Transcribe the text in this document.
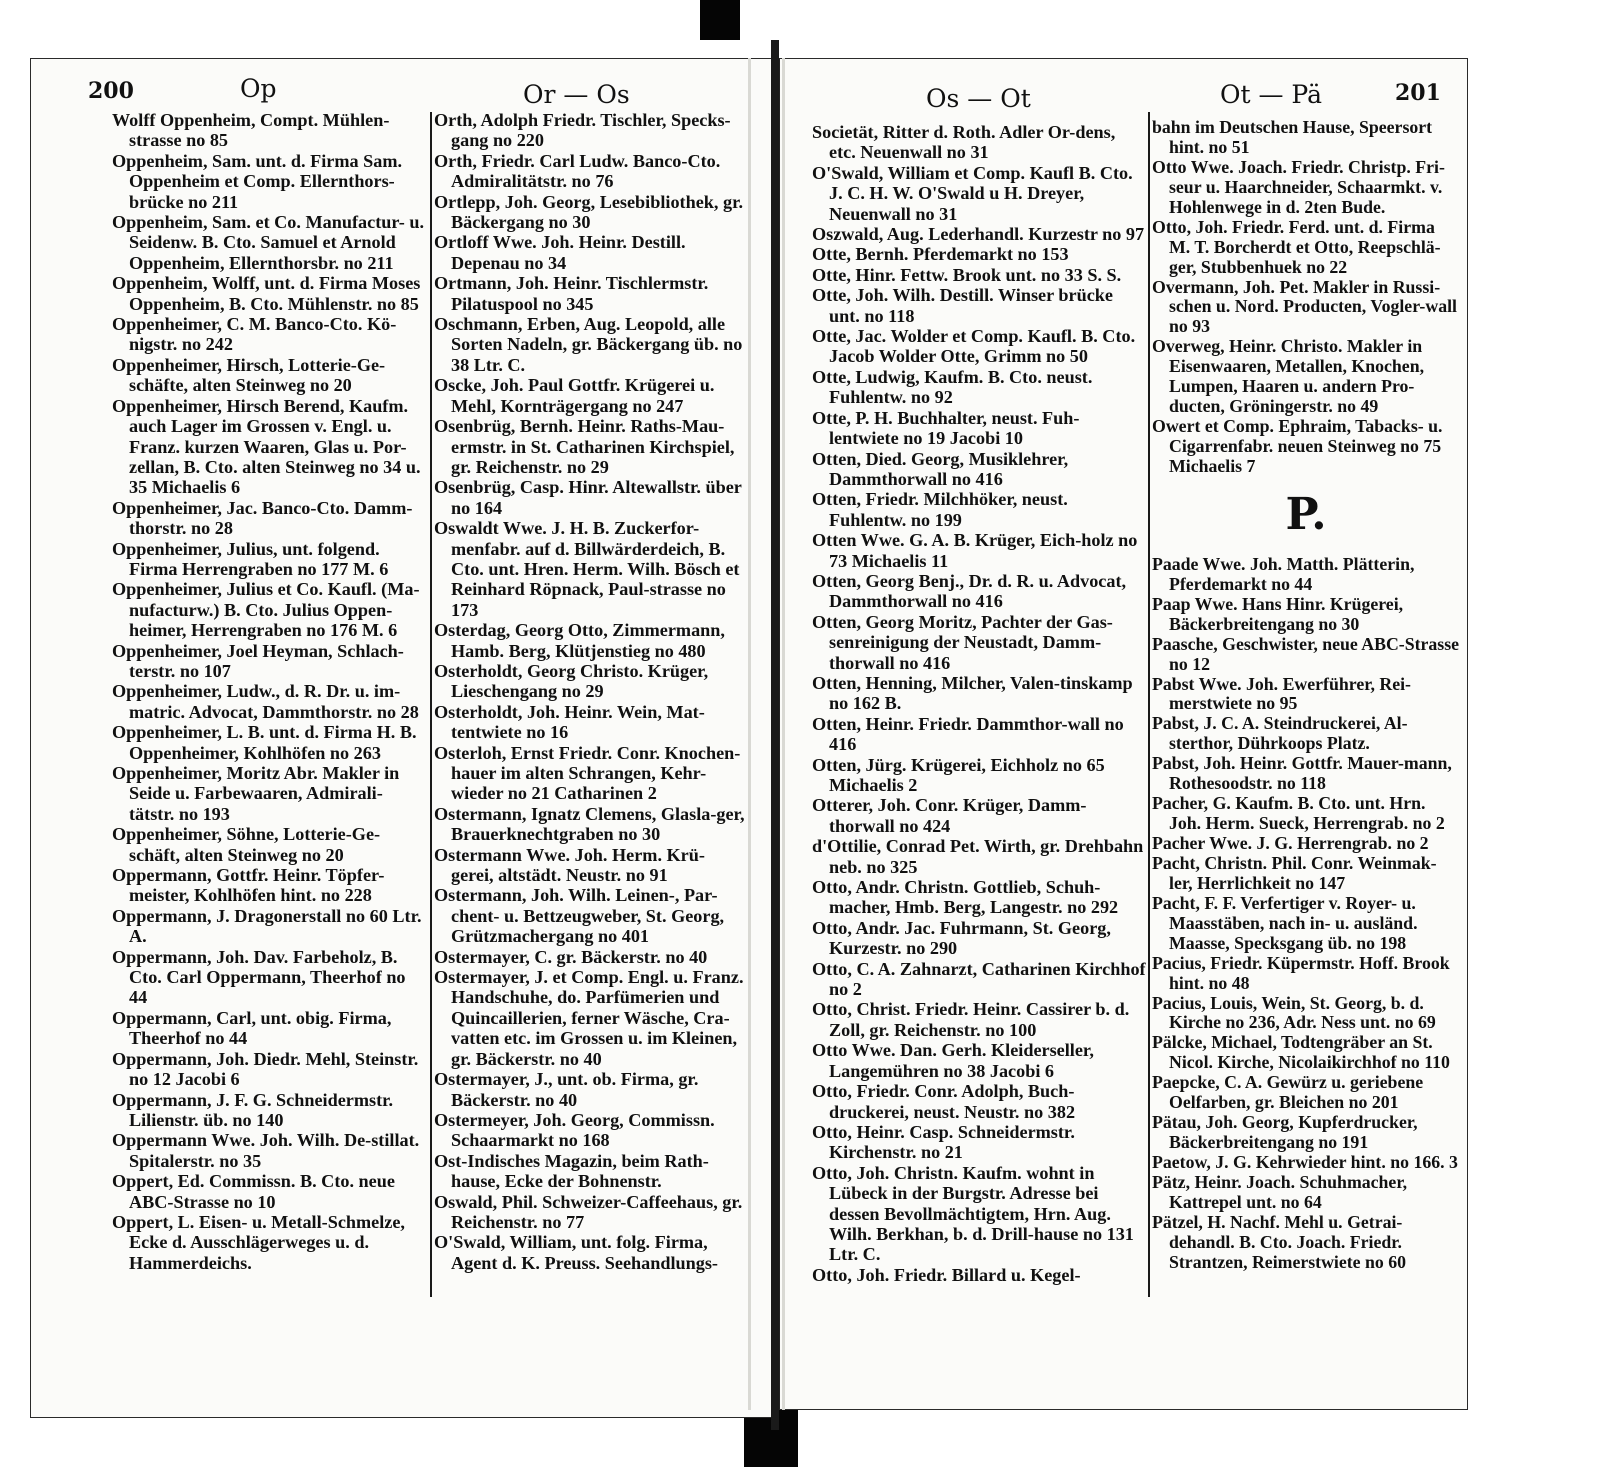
200	Op	Or — Os	Os — Ot	Ot — Pä	201

Wolff Oppenheim, Compt. Mühlen-strasse no 85

Oppenheim, Sam. unt. d. Firma Sam. Oppenheim et Comp. Ellernthors-brücke no 211

Oppenheim, Sam. et Co. Manufactur- u. Seidenw. B. Cto. Samuel et Arnold Oppenheim, Ellernthorsbr. no 211

Oppenheim, Wolff, unt. d. Firma Moses Oppenheim, B. Cto. Mühlenstr. no 85

Oppenheimer, C. M. Banco-Cto. Kö-nigstr. no 242

Oppenheimer, Hirsch, Lotterie-Ge-schäfte, alten Steinweg no 20

Oppenheimer, Hirsch Berend, Kaufm. auch Lager im Grossen v. Engl. u. Franz. kurzen Waaren, Glas u. Por-zellan, B. Cto. alten Steinweg no 34 u. 35 Michaelis 6

Oppenheimer, Jac. Banco-Cto. Damm-thorstr. no 28

Oppenheimer, Julius, unt. folgend. Firma Herrengraben no 177 M. 6

Oppenheimer, Julius et Co. Kaufl. (Ma-nufacturw.) B. Cto. Julius Oppen-heimer, Herrengraben no 176 M. 6

Oppenheimer, Joel Heyman, Schlach-terstr. no 107

Oppenheimer, Ludw., d. R. Dr. u. im-matric. Advocat, Dammthorstr. no 28

Oppenheimer, L. B. unt. d. Firma H. B. Oppenheimer, Kohlhöfen no 263

Oppenheimer, Moritz Abr. Makler in Seide u. Farbewaaren, Admirali-tätstr. no 193

Oppenheimer, Söhne, Lotterie-Ge-schäft, alten Steinweg no 20

Oppermann, Gottfr. Heinr. Töpfer-meister, Kohlhöfen hint. no 228

Oppermann, J. Dragonerstall no 60 Ltr. A.

Oppermann, Joh. Dav. Farbeholz, B. Cto. Carl Oppermann, Theerhof no 44

Oppermann, Carl, unt. obig. Firma, Theerhof no 44

Oppermann, Joh. Diedr. Mehl, Steinstr. no 12 Jacobi 6

Oppermann, J. F. G. Schneidermstr. Lilienstr. üb. no 140

Oppermann Wwe. Joh. Wilh. De-stillat. Spitalerstr. no 35

Oppert, Ed. Commissn. B. Cto. neue ABC-Strasse no 10

Oppert, L. Eisen- u. Metall-Schmelze, Ecke d. Ausschlägerweges u. d. Hammerdeichs.

Orth, Adolph Friedr. Tischler, Specks-gang no 220

Orth, Friedr. Carl Ludw. Banco-Cto. Admiralitätstr. no 76

Ortlepp, Joh. Georg, Lesebibliothek, gr. Bäckergang no 30

Ortloff Wwe. Joh. Heinr. Destill. Depenau no 34

Ortmann, Joh. Heinr. Tischlermstr. Pilatuspool no 345

Oschmann, Erben, Aug. Leopold, alle Sorten Nadeln, gr. Bäckergang üb. no 38 Ltr. C.

Oscke, Joh. Paul Gottfr. Krügerei u. Mehl, Kornträgergang no 247

Osenbrüg, Bernh. Heinr. Raths-Mau-ermstr. in St. Catharinen Kirchspiel, gr. Reichenstr. no 29

Osenbrüg, Casp. Hinr. Altewallstr. über no 164

Oswaldt Wwe. J. H. B. Zuckerfor-menfabr. auf d. Billwärderdeich, B. Cto. unt. Hren. Herm. Wilh. Bösch et Reinhard Röpnack, Paul-strasse no 173

Osterdag, Georg Otto, Zimmermann, Hamb. Berg, Klütjenstieg no 480

Osterholdt, Georg Christo. Krüger, Lieschengang no 29

Osterholdt, Joh. Heinr. Wein, Mat-tentwiete no 16

Osterloh, Ernst Friedr. Conr. Knochen-hauer im alten Schrangen, Kehr-wieder no 21 Catharinen 2

Ostermann, Ignatz Clemens, Glasla-ger, Brauerknechtgraben no 30

Ostermann Wwe. Joh. Herm. Krü-gerei, altstädt. Neustr. no 91

Ostermann, Joh. Wilh. Leinen-, Par-chent- u. Bettzeugweber, St. Georg, Grützmachergang no 401

Ostermayer, C. gr. Bäckerstr. no 40

Ostermayer, J. et Comp. Engl. u. Franz. Handschuhe, do. Parfümerien und Quincaillerien, ferner Wäsche, Cra-vatten etc. im Grossen u. im Kleinen, gr. Bäckerstr. no 40

Ostermayer, J., unt. ob. Firma, gr. Bäckerstr. no 40

Ostermeyer, Joh. Georg, Commissn. Schaarmarkt no 168

Ost-Indisches Magazin, beim Rath-hause, Ecke der Bohnenstr.

Oswald, Phil. Schweizer-Caffeehaus, gr. Reichenstr. no 77

O'Swald, William, unt. folg. Firma, Agent d. K. Preuss. Seehandlungs-

Societät, Ritter d. Roth. Adler Or-dens, etc. Neuenwall no 31

O'Swald, William et Comp. Kaufl B. Cto. J. C. H. W. O'Swald u H. Dreyer, Neuenwall no 31

Oszwald, Aug. Lederhandl. Kurzestr no 97

Otte, Bernh. Pferdemarkt no 153

Otte, Hinr. Fettw. Brook unt. no 33 S. S.

Otte, Joh. Wilh. Destill. Winser brücke unt. no 118

Otte, Jac. Wolder et Comp. Kaufl. B. Cto. Jacob Wolder Otte, Grimm no 50

Otte, Ludwig, Kaufm. B. Cto. neust. Fuhlentw. no 92

Otte, P. H. Buchhalter, neust. Fuh-lentwiete no 19 Jacobi 10

Otten, Died. Georg, Musiklehrer, Dammthorwall no 416

Otten, Friedr. Milchhöker, neust. Fuhlentw. no 199

Otten Wwe. G. A. B. Krüger, Eich-holz no 73 Michaelis 11

Otten, Georg Benj., Dr. d. R. u. Advocat, Dammthorwall no 416

Otten, Georg Moritz, Pachter der Gas-senreinigung der Neustadt, Damm-thorwall no 416

Otten, Henning, Milcher, Valen-tinskamp no 162 B.

Otten, Heinr. Friedr. Dammthor-wall no 416

Otten, Jürg. Krügerei, Eichholz no 65 Michaelis 2

Otterer, Joh. Conr. Krüger, Damm-thorwall no 424

d'Ottilie, Conrad Pet. Wirth, gr. Drehbahn neb. no 325

Otto, Andr. Christn. Gottlieb, Schuh-macher, Hmb. Berg, Langestr. no 292

Otto, Andr. Jac. Fuhrmann, St. Georg, Kurzestr. no 290

Otto, C. A. Zahnarzt, Catharinen Kirchhof no 2

Otto, Christ. Friedr. Heinr. Cassirer b. d. Zoll, gr. Reichenstr. no 100

Otto Wwe. Dan. Gerh. Kleiderseller, Langemühren no 38 Jacobi 6

Otto, Friedr. Conr. Adolph, Buch-druckerei, neust. Neustr. no 382

Otto, Heinr. Casp. Schneidermstr. Kirchenstr. no 21

Otto, Joh. Christn. Kaufm. wohnt in Lübeck in der Burgstr. Adresse bei dessen Bevollmächtigtem, Hrn. Aug. Wilh. Berkhan, b. d. Drill-hause no 131 Ltr. C.

Otto, Joh. Friedr. Billard u. Kegel-

bahn im Deutschen Hause, Speersort hint. no 51

Otto Wwe. Joach. Friedr. Christp. Fri-seur u. Haarchneider, Schaarmkt. v. Hohlenwege in d. 2ten Bude.

Otto, Joh. Friedr. Ferd. unt. d. Firma M. T. Borcherdt et Otto, Reepschlä-ger, Stubbenhuek no 22

Overmann, Joh. Pet. Makler in Russi-schen u. Nord. Producten, Vogler-wall no 93

Overweg, Heinr. Christo. Makler in Eisenwaaren, Metallen, Knochen, Lumpen, Haaren u. andern Pro-ducten, Gröningerstr. no 49

Owert et Comp. Ephraim, Tabacks- u. Cigarrenfabr. neuen Steinweg no 75 Michaelis 7

P.

Paade Wwe. Joh. Matth. Plätterin, Pferdemarkt no 44

Paap Wwe. Hans Hinr. Krügerei, Bäckerbreitengang no 30

Paasche, Geschwister, neue ABC-Strasse no 12

Pabst Wwe. Joh. Ewerführer, Rei-merstwiete no 95

Pabst, J. C. A. Steindruckerei, Al-sterthor, Dührkoops Platz.

Pabst, Joh. Heinr. Gottfr. Mauer-mann, Rothesoodstr. no 118

Pacher, G. Kaufm. B. Cto. unt. Hrn. Joh. Herm. Sueck, Herrengrab. no 2

Pacher Wwe. J. G. Herrengrab. no 2

Pacht, Christn. Phil. Conr. Weinmak-ler, Herrlichkeit no 147

Pacht, F. F. Verfertiger v. Royer- u. Maasstäben, nach in- u. ausländ. Maasse, Specksgang üb. no 198

Pacius, Friedr. Küpermstr. Hoff. Brook hint. no 48

Pacius, Louis, Wein, St. Georg, b. d. Kirche no 236, Adr. Ness unt. no 69

Pälcke, Michael, Todtengräber an St. Nicol. Kirche, Nicolaikirchhof no 110

Paepcke, C. A. Gewürz u. geriebene Oelfarben, gr. Bleichen no 201

Pätau, Joh. Georg, Kupferdrucker, Bäckerbreitengang no 191

Paetow, J. G. Kehrwieder hint. no 166. 3

Pätz, Heinr. Joach. Schuhmacher, Kattrepel unt. no 64

Pätzel, H. Nachf. Mehl u. Getrai-dehandl. B. Cto. Joach. Friedr. Strantzen, Reimerstwiete no 60
